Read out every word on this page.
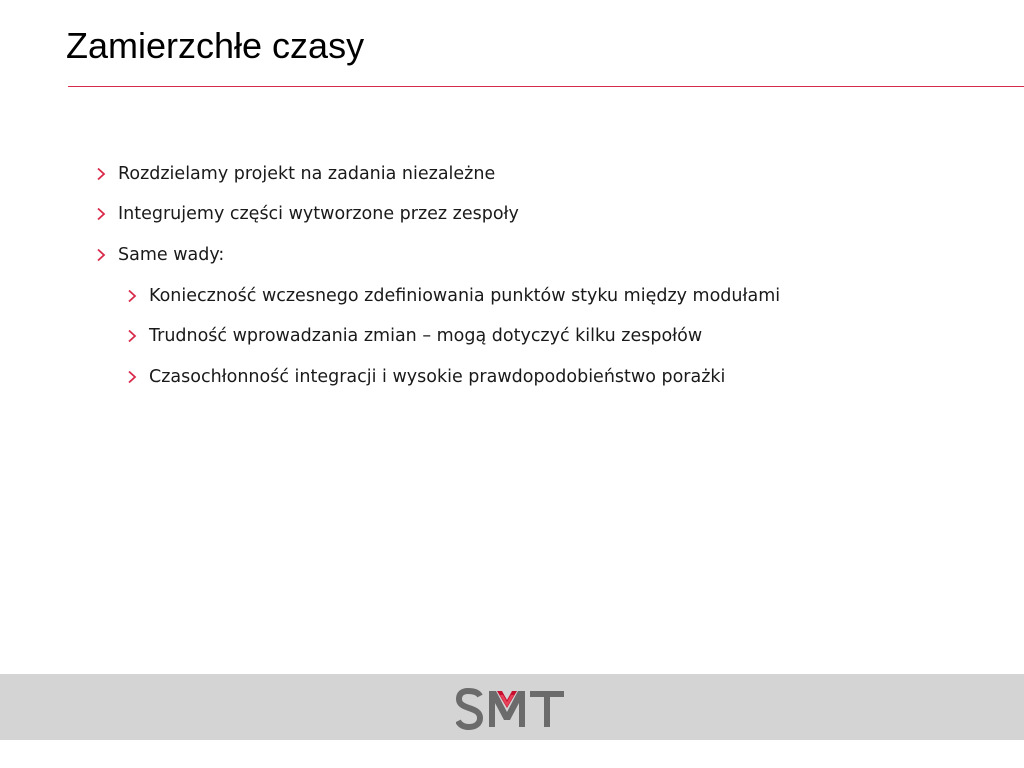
Zamierzchłe czasy
Rozdzielamy projekt na zadania niezależne
Integrujemy części wytworzone przez zespoły
Same wady:
Konieczność wczesnego zdefiniowania punktów styku między modułami
Trudność wprowadzania zmian – mogą dotyczyć kilku zespołów
Czasochłonność integracji i wysokie prawdopodobieństwo porażki
